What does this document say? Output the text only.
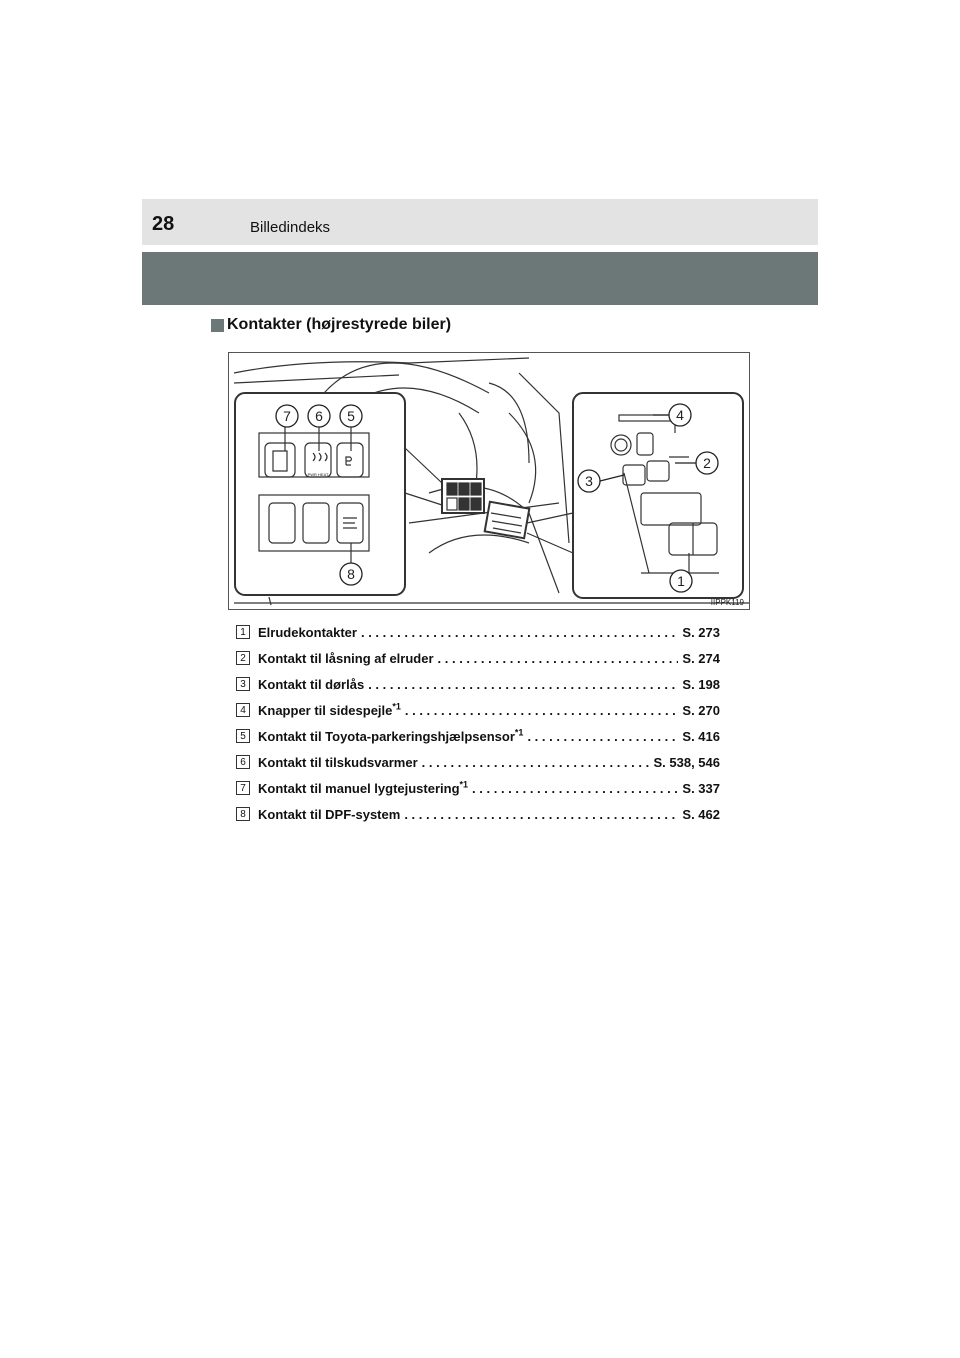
28	Billedindeks
Kontakter (højrestyrede biler)
7 6 5
8
4
2
3
1
PWR HEAT
IIPPK119
1 Elrudekontakter . . .	S. 273
2 Kontakt til låsning af elruder . . .	S. 274
3 Kontakt til dørlås . . .	S. 198
4 Knapper til sidespejle$^{*1}$ . . .	S. 270
5 Kontakt til Toyota-parkeringshjælpsensor$^{*1}$ . . .	S. 416
6 Kontakt til tilskudsvarmer . . .	S. 538, 546
7 Kontakt til manuel lygtejustering$^{*1}$ . . .	S. 337
8 Kontakt til DPF-system . . .	S. 462
